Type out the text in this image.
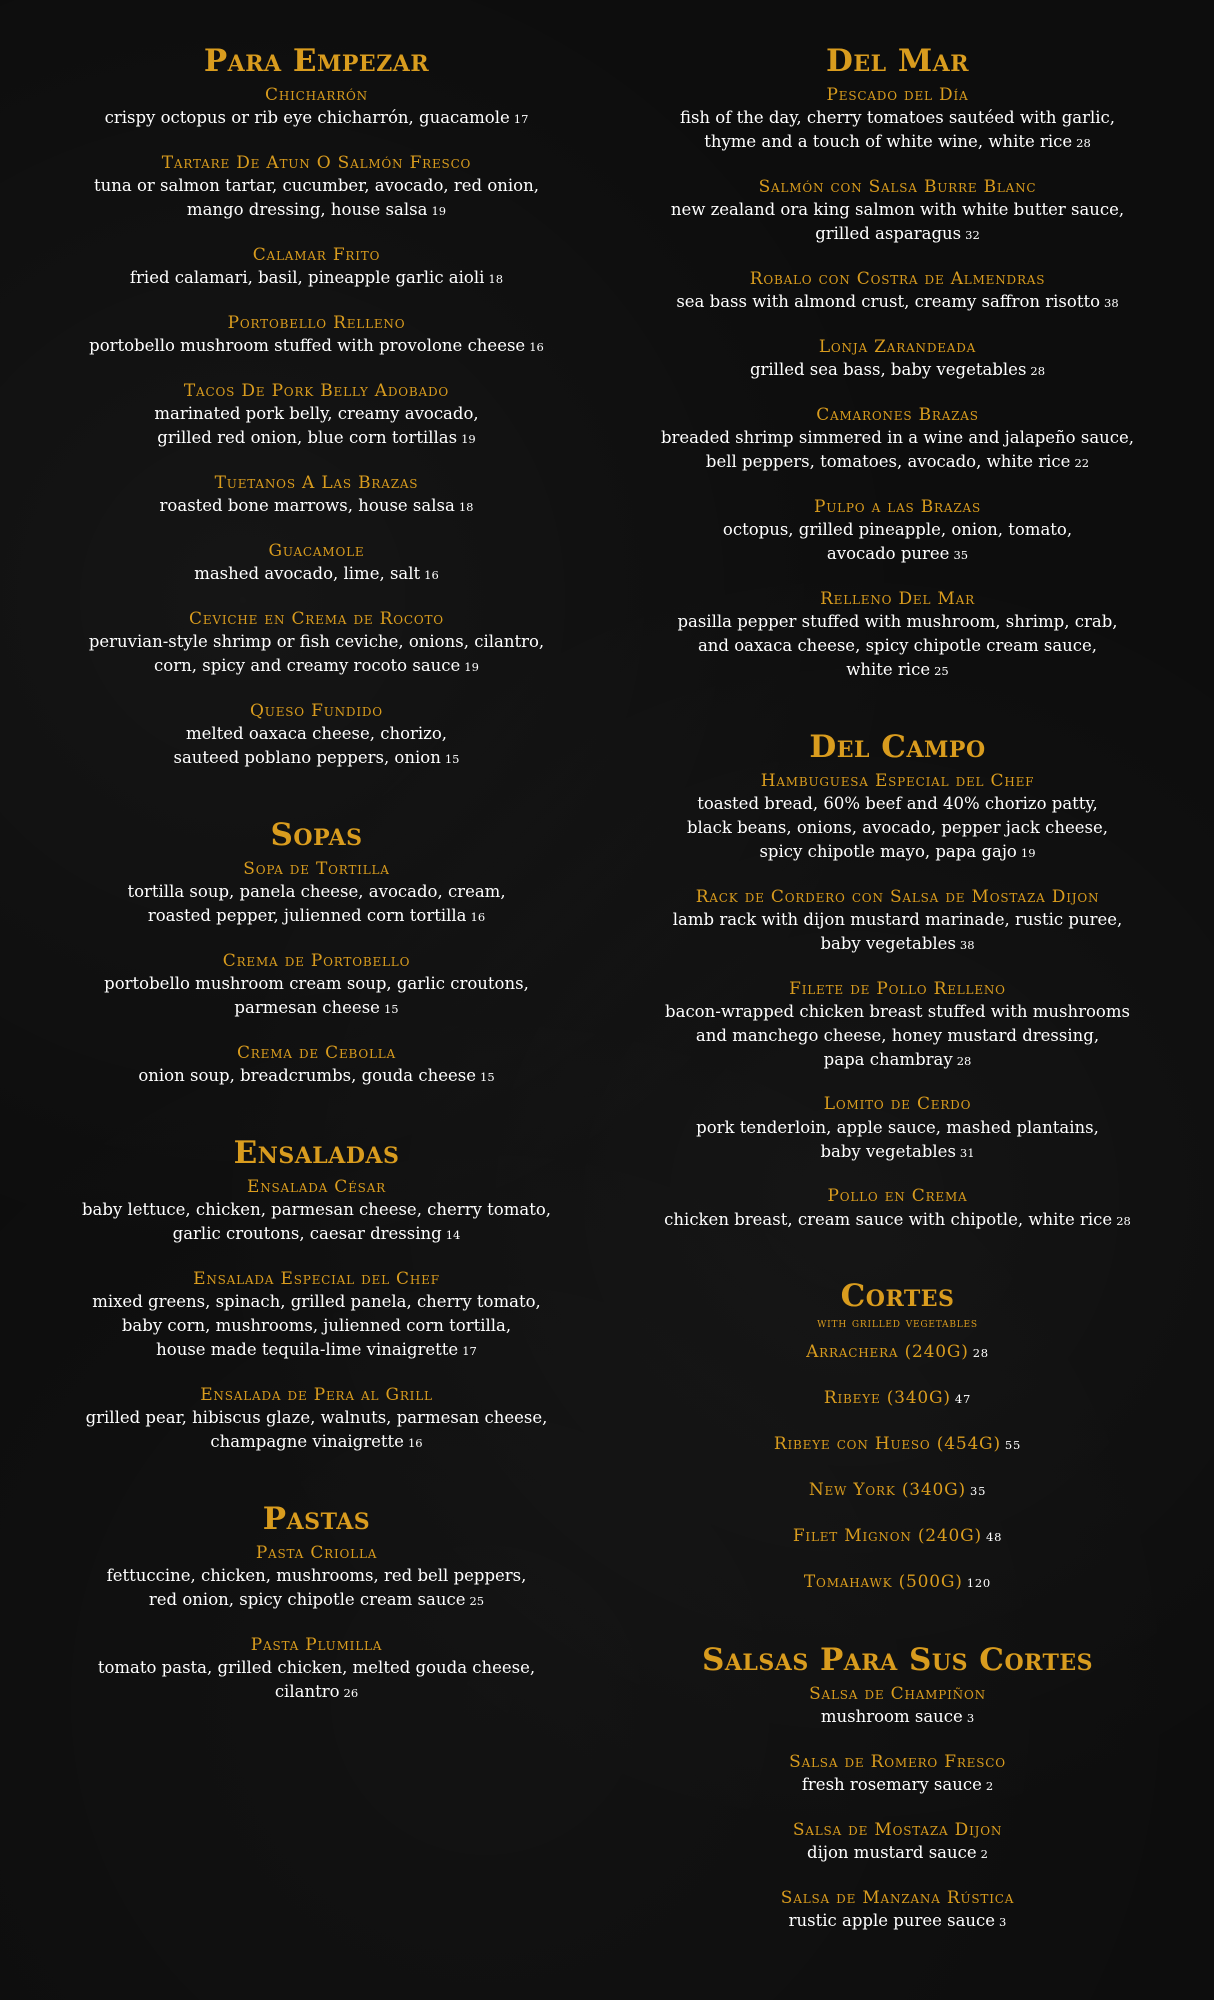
Para Empezar
Chicharrón
crispy octopus or rib eye chicharrón, guacamole 17
Tartare De Atun O Salmón Fresco
tuna or salmon tartar, cucumber, avocado, red onion,
mango dressing, house salsa 19
Calamar Frito
fried calamari, basil, pineapple garlic aioli 18
Portobello Relleno
portobello mushroom stuffed with provolone cheese 16
Tacos De Pork Belly Adobado
marinated pork belly, creamy avocado,
grilled red onion, blue corn tortillas 19
Tuetanos A Las Brazas
roasted bone marrows, house salsa 18
Guacamole
mashed avocado, lime, salt 16
Ceviche en Crema de Rocoto
peruvian-style shrimp or fish ceviche, onions, cilantro,
corn, spicy and creamy rocoto sauce 19
Queso Fundido
melted oaxaca cheese, chorizo,
sauteed poblano peppers, onion 15
Sopas
Sopa de Tortilla
tortilla soup, panela cheese, avocado, cream,
roasted pepper, julienned corn tortilla 16
Crema de Portobello
portobello mushroom cream soup, garlic croutons,
parmesan cheese 15
Crema de Cebolla
onion soup, breadcrumbs, gouda cheese 15
Ensaladas
Ensalada César
baby lettuce, chicken, parmesan cheese, cherry tomato,
garlic croutons, caesar dressing 14
Ensalada Especial del Chef
mixed greens, spinach, grilled panela, cherry tomato,
baby corn, mushrooms, julienned corn tortilla,
house made tequila-lime vinaigrette 17
Ensalada de Pera al Grill
grilled pear, hibiscus glaze, walnuts, parmesan cheese,
champagne vinaigrette 16
Pastas
Pasta Criolla
fettuccine, chicken, mushrooms, red bell peppers,
red onion, spicy chipotle cream sauce 25
Pasta Plumilla
tomato pasta, grilled chicken, melted gouda cheese,
cilantro 26
Del Mar
Pescado del Día
fish of the day, cherry tomatoes sautéed with garlic,
thyme and a touch of white wine, white rice 28
Salmón con Salsa Burre Blanc
new zealand ora king salmon with white butter sauce,
grilled asparagus 32
Robalo con Costra de Almendras
sea bass with almond crust, creamy saffron risotto 38
Lonja Zarandeada
grilled sea bass, baby vegetables 28
Camarones Brazas
breaded shrimp simmered in a wine and jalapeño sauce,
bell peppers, tomatoes, avocado, white rice 22
Pulpo a las Brazas
octopus, grilled pineapple, onion, tomato,
avocado puree 35
Relleno Del Mar
pasilla pepper stuffed with mushroom, shrimp, crab,
and oaxaca cheese, spicy chipotle cream sauce,
white rice 25
Del Campo
Hambuguesa Especial del Chef
toasted bread, 60% beef and 40% chorizo patty,
black beans, onions, avocado, pepper jack cheese,
spicy chipotle mayo, papa gajo 19
Rack de Cordero con Salsa de Mostaza Dijon
lamb rack with dijon mustard marinade, rustic puree,
baby vegetables 38
Filete de Pollo Relleno
bacon-wrapped chicken breast stuffed with mushrooms
and manchego cheese, honey mustard dressing,
papa chambray 28
Lomito de Cerdo
pork tenderloin, apple sauce, mashed plantains,
baby vegetables 31
Pollo en Crema
chicken breast, cream sauce with chipotle, white rice 28
Cortes
with grilled vegetables
Arrachera (240G) 28
Ribeye (340G) 47
Ribeye con Hueso (454G) 55
New York (340G) 35
Filet Mignon (240G) 48
Tomahawk (500G) 120
Salsas Para Sus Cortes
Salsa de Champiñon
mushroom sauce 3
Salsa de Romero Fresco
fresh rosemary sauce 2
Salsa de Mostaza Dijon
dijon mustard sauce 2
Salsa de Manzana Rústica
rustic apple puree sauce 3
